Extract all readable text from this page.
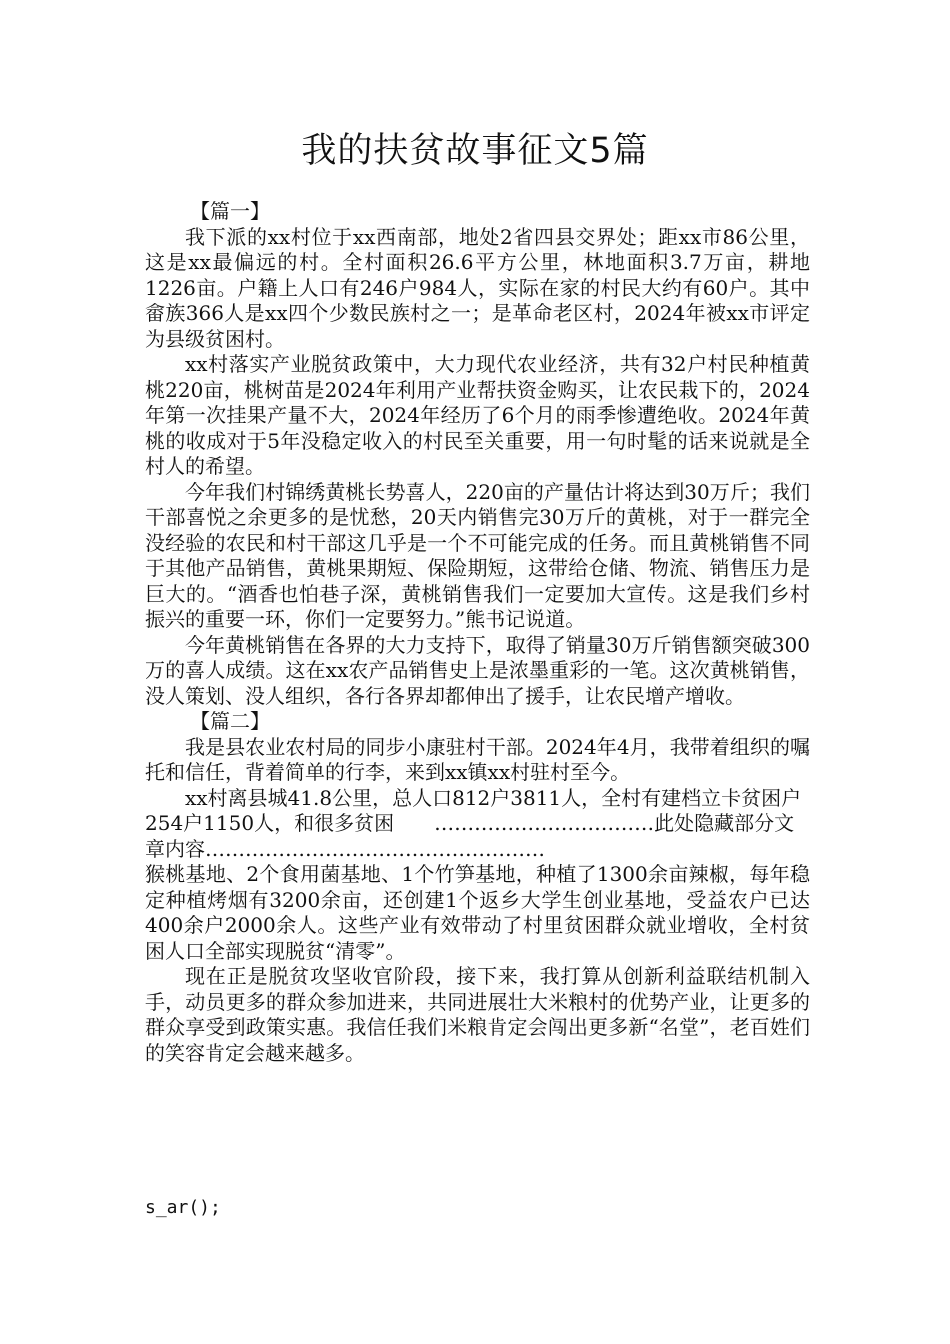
我的扶贫故事征文5篇

【篇一】

我下派的xx村位于xx西南部，地处2省四县交界处；距xx市86公里，这是xx最偏远的村。全村面积26.6平方公里，林地面积3.7万亩，耕地1226亩。户籍上人口有246户984人，实际在家的村民大约有60户。其中畲族366人是xx四个少数民族村之一；是革命老区村，2024年被xx市评定为县级贫困村。

xx村落实产业脱贫政策中，大力现代农业经济，共有32户村民种植黄桃220亩，桃树苗是2024年利用产业帮扶资金购买，让农民栽下的，2024年第一次挂果产量不大，2024年经历了6个月的雨季惨遭绝收。2024年黄桃的收成对于5年没稳定收入的村民至关重要，用一句时髦的话来说就是全村人的希望。

今年我们村锦绣黄桃长势喜人，220亩的产量估计将达到30万斤；我们干部喜悦之余更多的是忧愁，20天内销售完30万斤的黄桃，对于一群完全没经验的农民和村干部这几乎是一个不可能完成的任务。而且黄桃销售不同于其他产品销售，黄桃果期短、保险期短，这带给仓储、物流、销售压力是巨大的。“酒香也怕巷子深，黄桃销售我们一定要加大宣传。这是我们乡村振兴的重要一环，你们一定要努力。”熊书记说道。

今年黄桃销售在各界的大力支持下，取得了销量30万斤销售额突破300万的喜人成绩。这在xx农产品销售史上是浓墨重彩的一笔。这次黄桃销售，没人策划、没人组织，各行各界却都伸出了援手，让农民增产增收。

【篇二】

我是县农业农村局的同步小康驻村干部。2024年4月，我带着组织的嘱托和信任，背着简单的行李，来到xx镇xx村驻村至今。

xx村离县城41.8公里，总人口812户3811人，全村有建档立卡贫困户254户1150人，和很多贫困　　……………………………此处隐藏部分文章内容……………………………………………

猴桃基地、2个食用菌基地、1个竹笋基地，种植了1300余亩辣椒，每年稳定种植烤烟有3200余亩，还创建1个返乡大学生创业基地，受益农户已达400余户2000余人。这些产业有效带动了村里贫困群众就业增收，全村贫困人口全部实现脱贫“清零”。

现在正是脱贫攻坚收官阶段，接下来，我打算从创新利益联结机制入手，动员更多的群众参加进来，共同进展壮大米粮村的优势产业，让更多的群众享受到政策实惠。我信任我们米粮肯定会闯出更多新“名堂”，老百姓们的笑容肯定会越来越多。

s_ar();
